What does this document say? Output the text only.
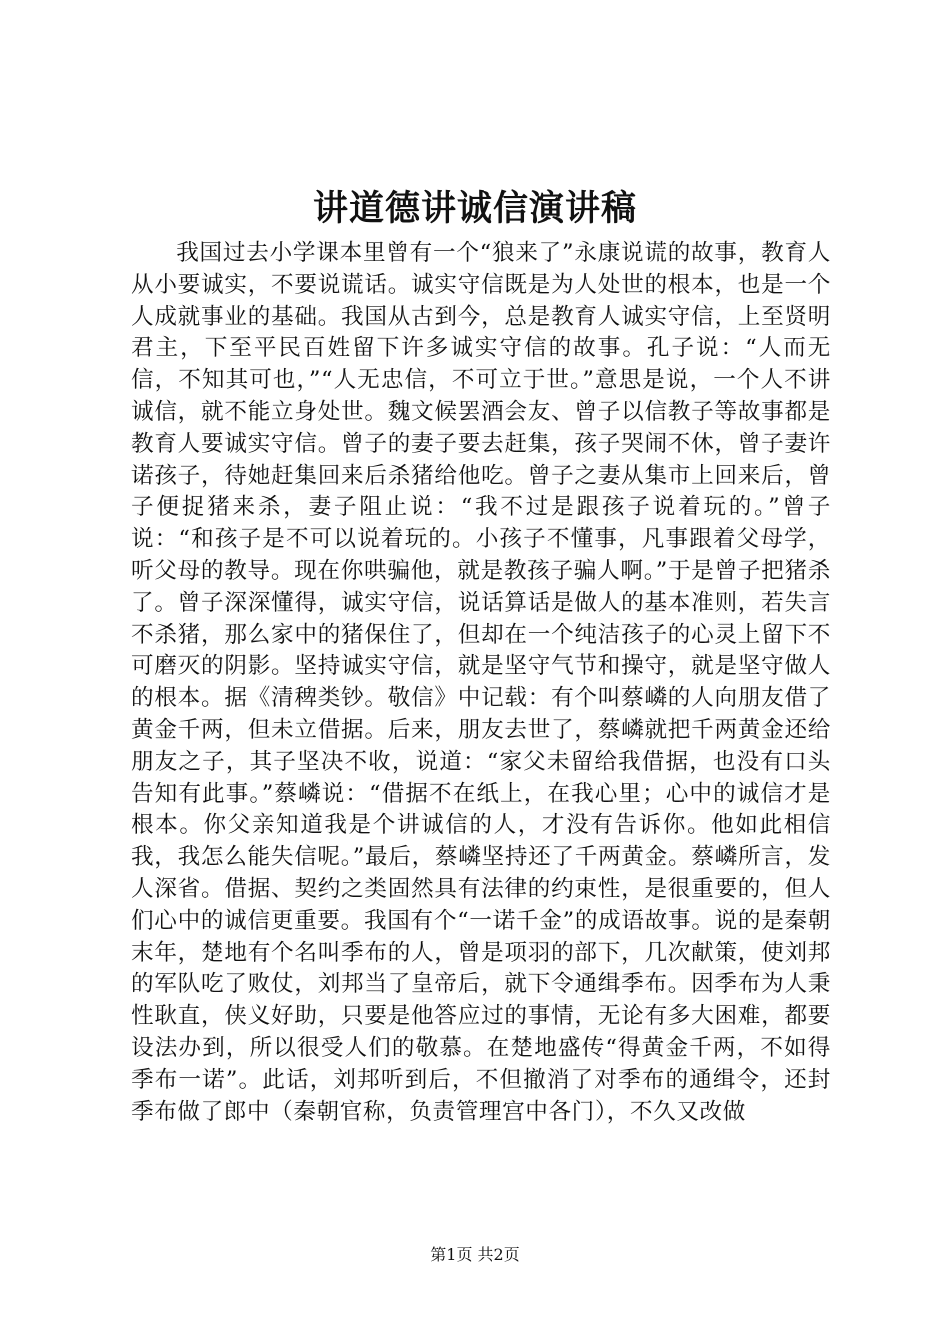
讲道德讲诚信演讲稿

我国过去小学课本里曾有一个“狼来了”永康说谎的故事，教育人从小要诚实，不要说谎话。诚实守信既是为人处世的根本，也是一个人成就事业的基础。我国从古到今，总是教育人诚实守信，上至贤明君主，下至平民百姓留下许多诚实守信的故事。孔子说：“人而无信，不知其可也，”“人无忠信，不可立于世。”意思是说，一个人不讲诚信，就不能立身处世。魏文候罢酒会友、曾子以信教子等故事都是教育人要诚实守信。曾子的妻子要去赶集，孩子哭闹不休，曾子妻许诺孩子，待她赶集回来后杀猪给他吃。曾子之妻从集市上回来后，曾子便捉猪来杀，妻子阻止说：“我不过是跟孩子说着玩的。”曾子说：“和孩子是不可以说着玩的。小孩子不懂事，凡事跟着父母学，听父母的教导。现在你哄骗他，就是教孩子骗人啊。”于是曾子把猪杀了。曾子深深懂得，诚实守信，说话算话是做人的基本准则，若失言不杀猪，那么家中的猪保住了，但却在一个纯洁孩子的心灵上留下不可磨灭的阴影。坚持诚实守信，就是坚守气节和操守，就是坚守做人的根本。据《清稗类钞。敬信》中记载：有个叫蔡嶙的人向朋友借了黄金千两，但未立借据。后来，朋友去世了，蔡嶙就把千两黄金还给朋友之子，其子坚决不收，说道：“家父未留给我借据，也没有口头告知有此事。”蔡嶙说：“借据不在纸上，在我心里；心中的诚信才是根本。你父亲知道我是个讲诚信的人，才没有告诉你。他如此相信我，我怎么能失信呢。”最后，蔡嶙坚持还了千两黄金。蔡嶙所言，发人深省。借据、契约之类固然具有法律的约束性，是很重要的，但人们心中的诚信更重要。我国有个“一诺千金”的成语故事。说的是秦朝末年，楚地有个名叫季布的人，曾是项羽的部下，几次献策，使刘邦的军队吃了败仗，刘邦当了皇帝后，就下令通缉季布。因季布为人秉性耿直，侠义好助，只要是他答应过的事情，无论有多大困难，都要设法办到，所以很受人们的敬慕。在楚地盛传“得黄金千两，不如得季布一诺”。此话，刘邦听到后，不但撤消了对季布的通缉令，还封季布做了郎中（秦朝官称，负责管理宫中各门），不久又改做

第1页 共2页
